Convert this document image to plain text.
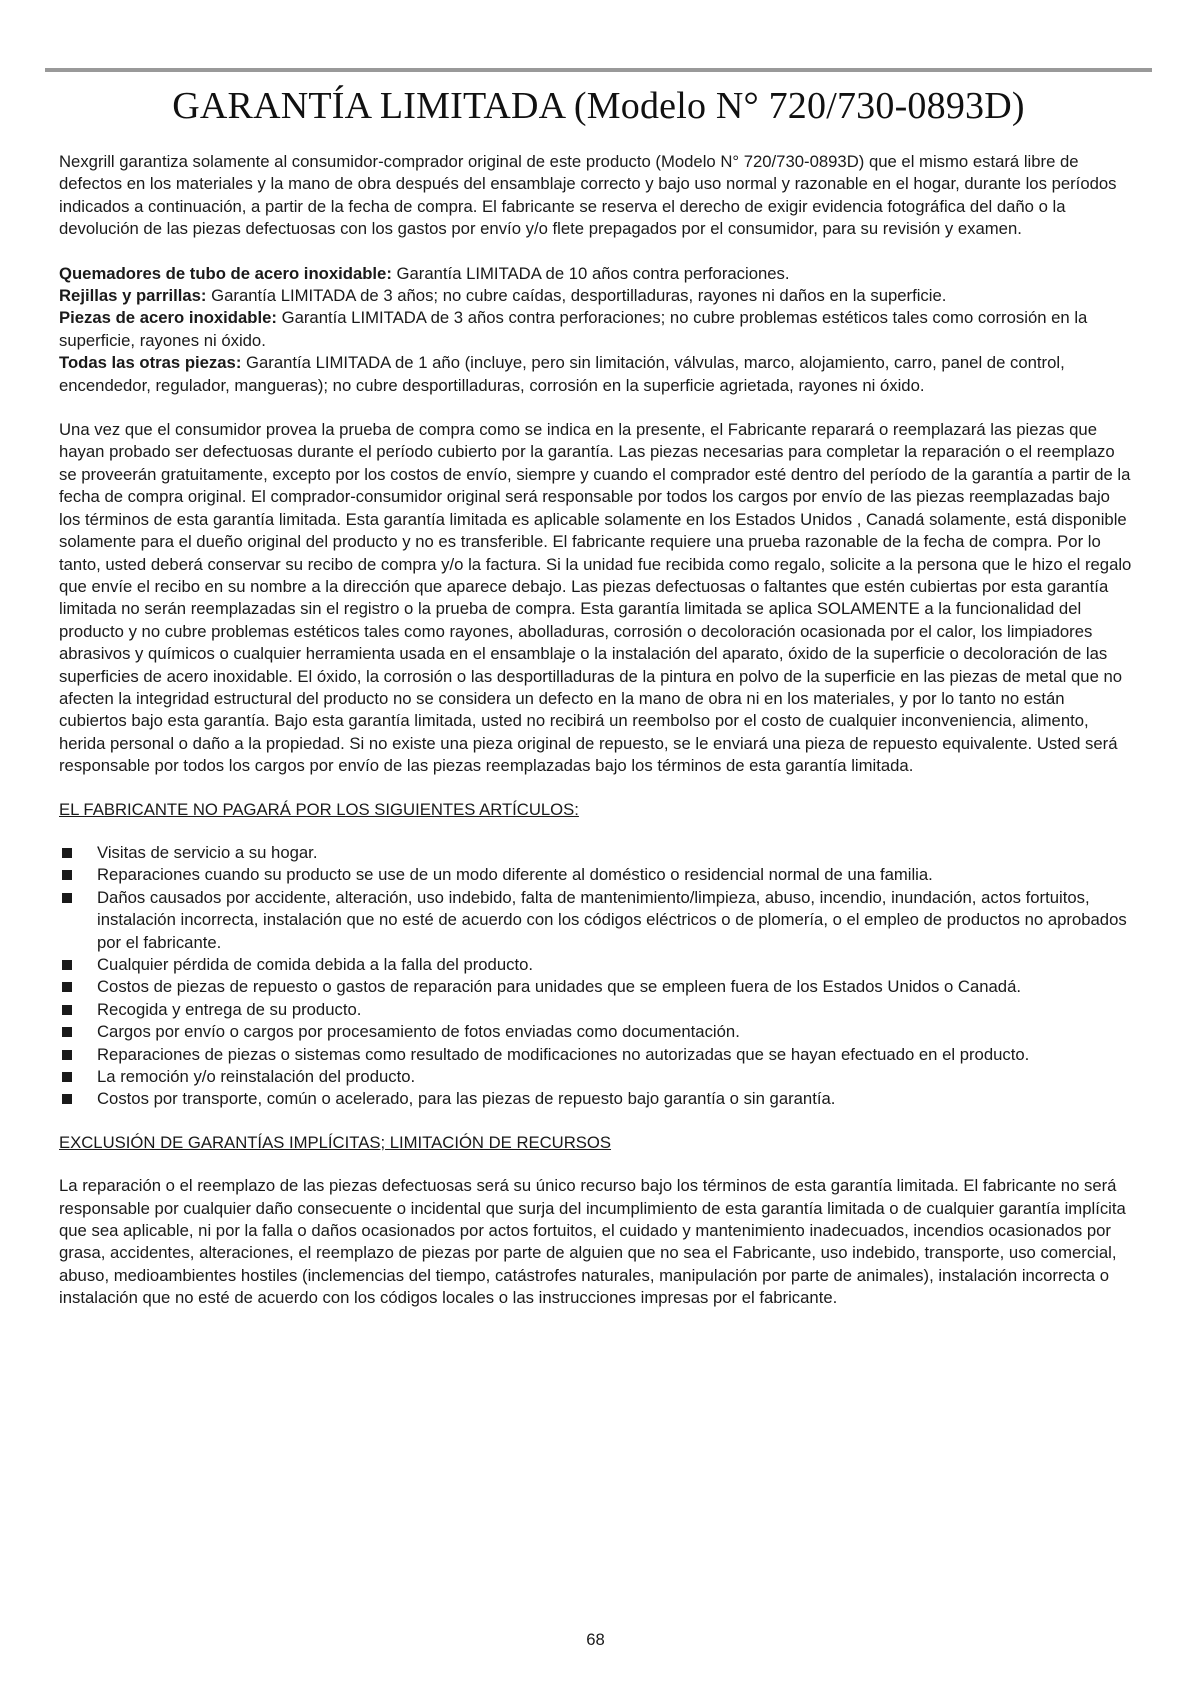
GARANTÍA LIMITADA (Modelo N° 720/730-0893D)

Nexgrill garantiza solamente al consumidor-comprador original de este producto (Modelo N° 720/730-0893D) que el mismo estará libre de defectos en los materiales y la mano de obra después del ensamblaje correcto y bajo uso normal y razonable en el hogar, durante los períodos indicados a continuación, a partir de la fecha de compra. El fabricante se reserva el derecho de exigir evidencia fotográfica del daño o la devolución de las piezas defectuosas con los gastos por envío y/o flete prepagados por el consumidor, para su revisión y examen.

Quemadores de tubo de acero inoxidable: Garantía LIMITADA de 10 años contra perforaciones.

Rejillas y parrillas: Garantía LIMITADA de 3 años; no cubre caídas, desportilladuras, rayones ni daños en la superficie.

Piezas de acero inoxidable: Garantía LIMITADA de 3 años contra perforaciones; no cubre problemas estéticos tales como corrosión en la superficie, rayones ni óxido.

Todas las otras piezas: Garantía LIMITADA de 1 año (incluye, pero sin limitación, válvulas, marco, alojamiento, carro, panel de control, encendedor, regulador, mangueras); no cubre desportilladuras, corrosión en la superficie agrietada, rayones ni óxido.

Una vez que el consumidor provea la prueba de compra como se indica en la presente, el Fabricante reparará o reemplazará las piezas que hayan probado ser defectuosas durante el período cubierto por la garantía. Las piezas necesarias para completar la reparación o el reemplazo se proveerán gratuitamente, excepto por los costos de envío, siempre y cuando el comprador esté dentro del período de la garantía a partir de la fecha de compra original. El comprador-consumidor original será responsable por todos los cargos por envío de las piezas reemplazadas bajo los términos de esta garantía limitada. Esta garantía limitada es aplicable solamente en los Estados Unidos , Canadá solamente, está disponible solamente para el dueño original del producto y no es transferible. El fabricante requiere una prueba razonable de la fecha de compra. Por lo tanto, usted deberá conservar su recibo de compra y/o la factura. Si la unidad fue recibida como regalo, solicite a la persona que le hizo el regalo que envíe el recibo en su nombre a la dirección que aparece debajo. Las piezas defectuosas o faltantes que estén cubiertas por esta garantía limitada no serán reemplazadas sin el registro o la prueba de compra. Esta garantía limitada se aplica SOLAMENTE a la funcionalidad del producto y no cubre problemas estéticos tales como rayones, abolladuras, corrosión o decoloración ocasionada por el calor, los limpiadores abrasivos y químicos o cualquier herramienta usada en el ensamblaje o la instalación del aparato, óxido de la superficie o decoloración de las superficies de acero inoxidable. El óxido, la corrosión o las desportilladuras de la pintura en polvo de la superficie en las piezas de metal que no afecten la integridad estructural del producto no se considera un defecto en la mano de obra ni en los materiales, y por lo tanto no están cubiertos bajo esta garantía. Bajo esta garantía limitada, usted no recibirá un reembolso por el costo de cualquier inconveniencia, alimento, herida personal o daño a la propiedad. Si no existe una pieza original de repuesto, se le enviará una pieza de repuesto equivalente. Usted será responsable por todos los cargos por envío de las piezas reemplazadas bajo los términos de esta garantía limitada.

EL FABRICANTE NO PAGARÁ POR LOS SIGUIENTES ARTÍCULOS:

Visitas de servicio a su hogar.
Reparaciones cuando su producto se use de un modo diferente al doméstico o residencial normal de una familia.
Daños causados por accidente, alteración, uso indebido, falta de mantenimiento/limpieza, abuso, incendio, inundación, actos fortuitos, instalación incorrecta, instalación que no esté de acuerdo con los códigos eléctricos o de plomería, o el empleo de productos no aprobados por el fabricante.
Cualquier pérdida de comida debida a la falla del producto.
Costos de piezas de repuesto o gastos de reparación para unidades que se empleen fuera de los Estados Unidos o Canadá.
Recogida y entrega de su producto.
Cargos por envío o cargos por procesamiento de fotos enviadas como documentación.
Reparaciones de piezas o sistemas como resultado de modificaciones no autorizadas que se hayan efectuado en el producto.
La remoción y/o reinstalación del producto.
Costos por transporte, común o acelerado, para las piezas de repuesto bajo garantía o sin garantía.

EXCLUSIÓN DE GARANTÍAS IMPLÍCITAS; LIMITACIÓN DE RECURSOS

La reparación o el reemplazo de las piezas defectuosas será su único recurso bajo los términos de esta garantía limitada. El fabricante no será responsable por cualquier daño consecuente o incidental que surja del incumplimiento de esta garantía limitada o de cualquier garantía implícita que sea aplicable, ni por la falla o daños ocasionados por actos fortuitos, el cuidado y mantenimiento inadecuados, incendios ocasionados por grasa, accidentes, alteraciones, el reemplazo de piezas por parte de alguien que no sea el Fabricante, uso indebido, transporte, uso comercial, abuso, medioambientes hostiles (inclemencias del tiempo, catástrofes naturales, manipulación por parte de animales), instalación incorrecta o instalación que no esté de acuerdo con los códigos locales o las instrucciones impresas por el fabricante.

68
